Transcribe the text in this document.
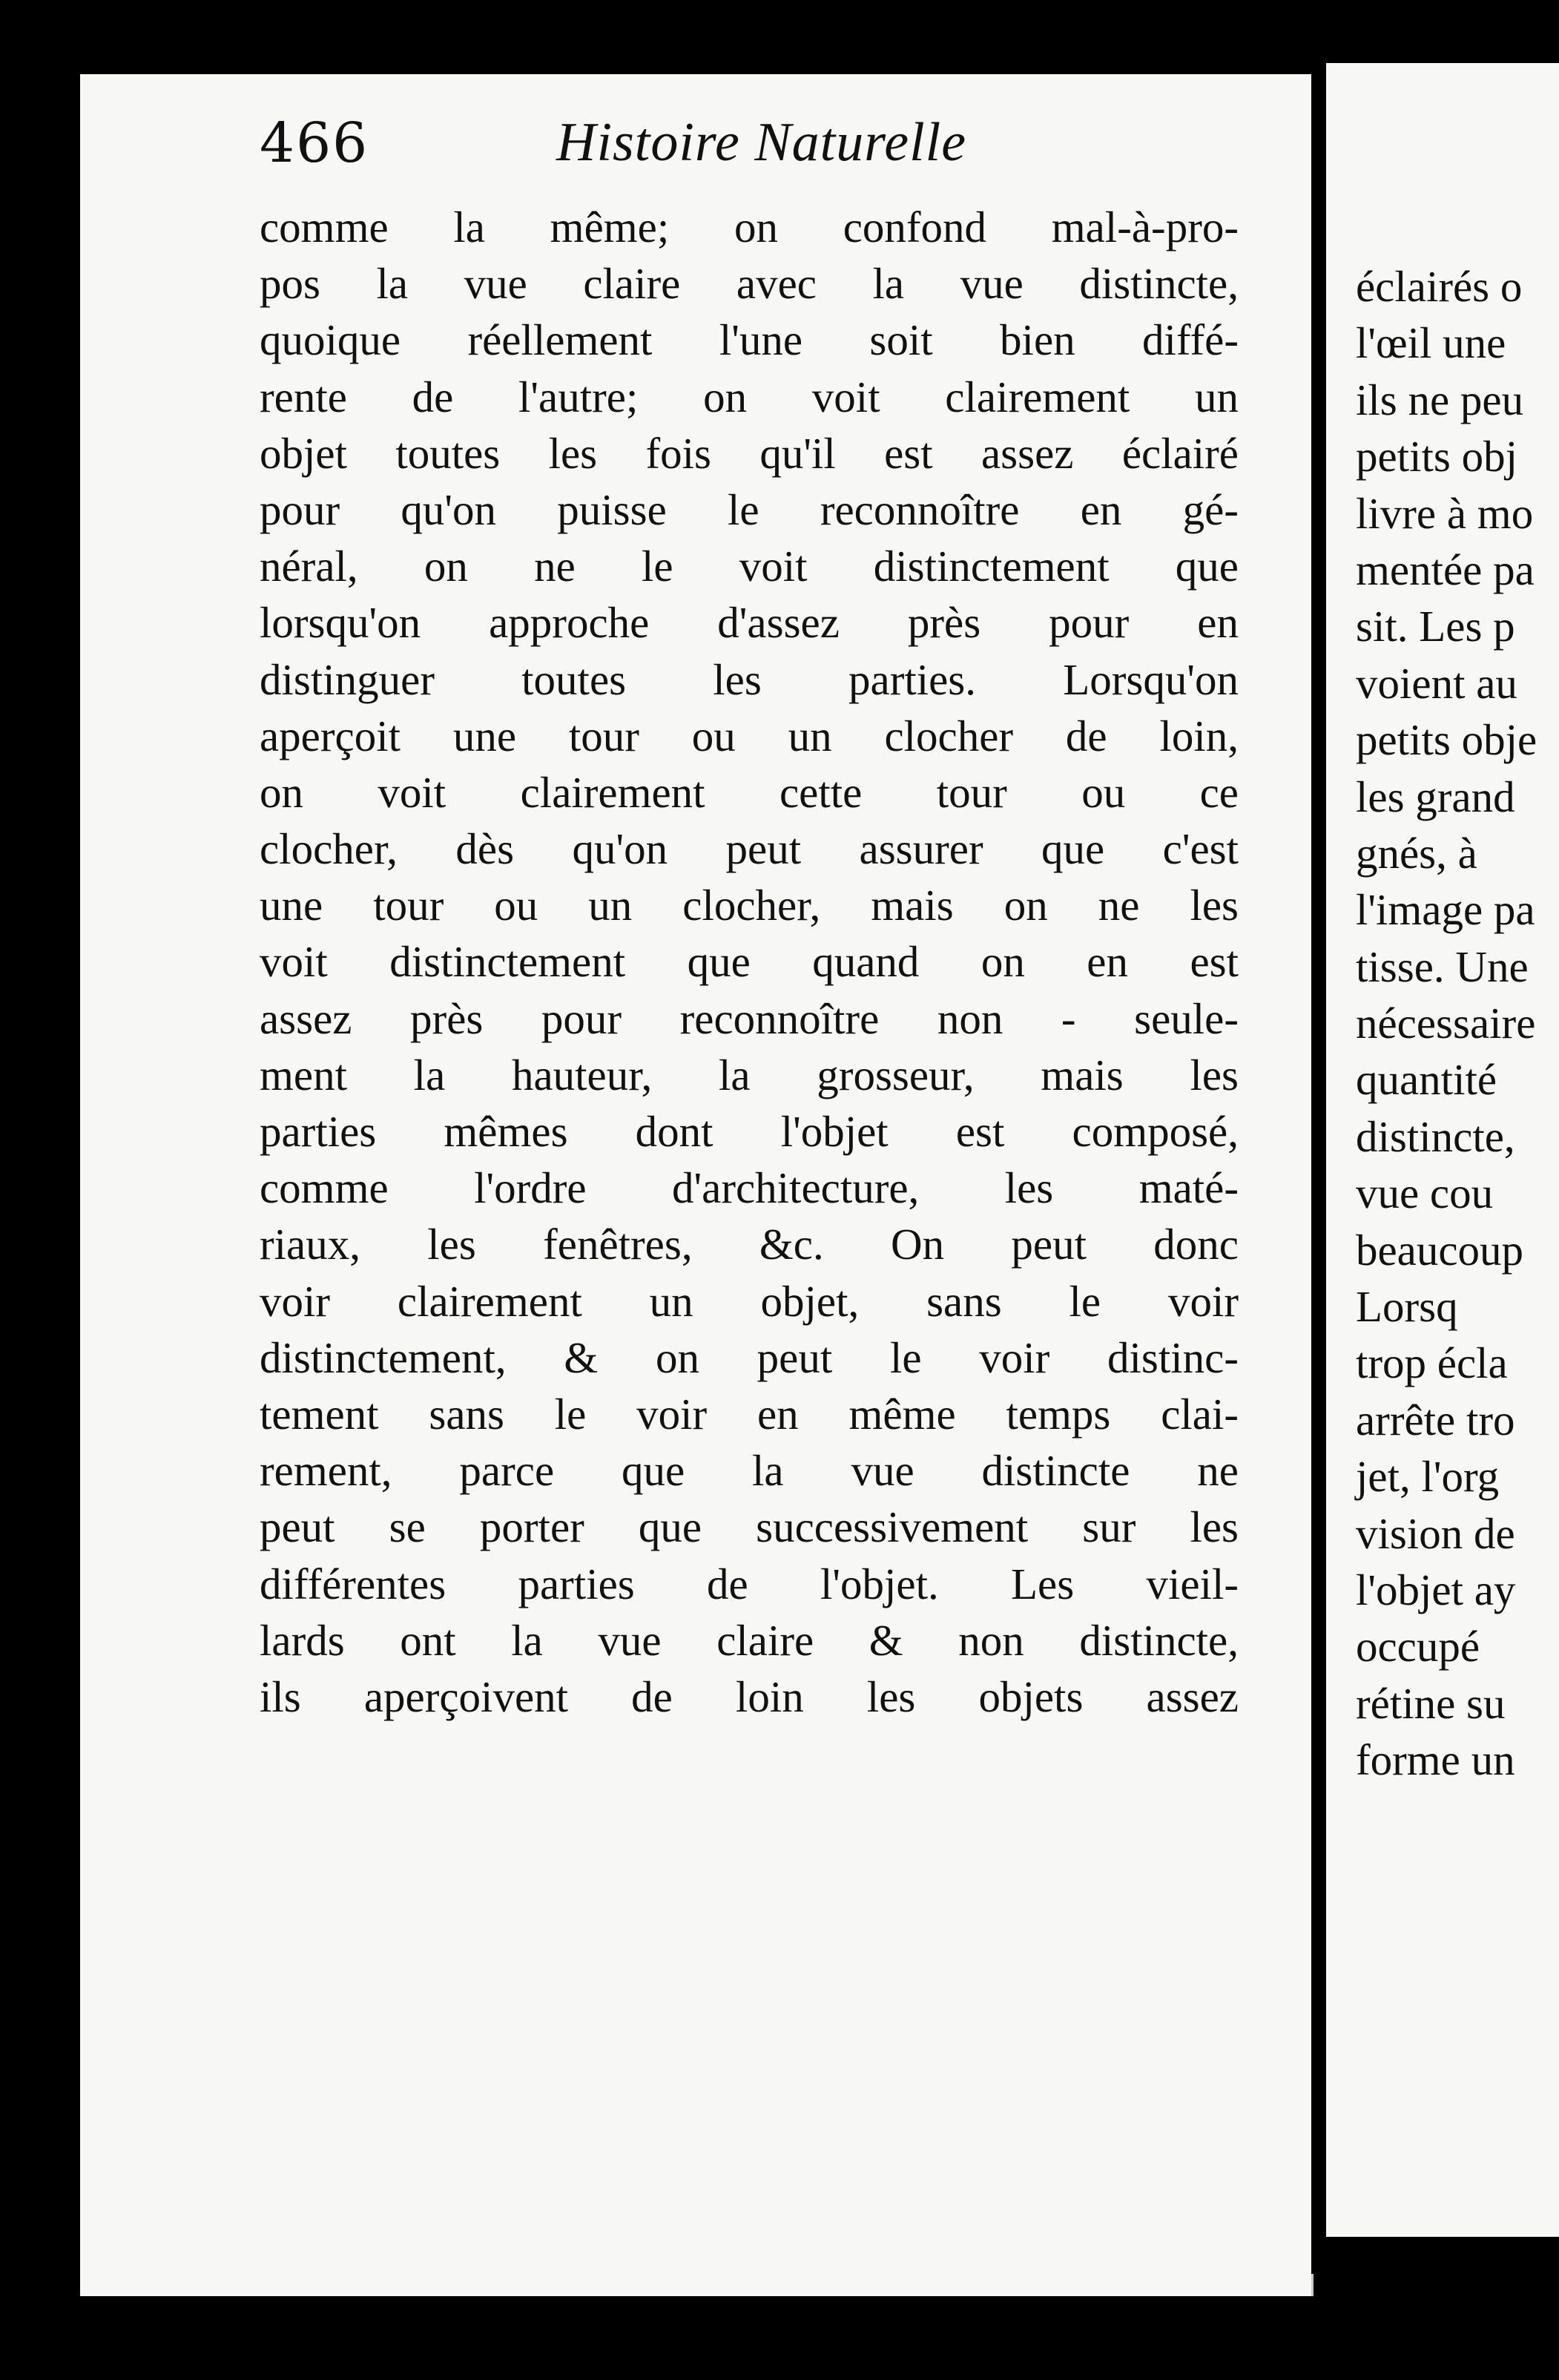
éclairés o
l'œil une
ils ne peu
petits obj
livre à mo
mentée pa
sit. Les p
voient au
petits obje
les grand
gnés, à
l'image pa
tisse. Une
nécessaire
quantité
distincte,
vue cou
beaucoup
Lorsq
trop écla
arrête tro
jet, l'org
vision de
l'objet ay
occupé
rétine su
forme un
466	Histoire Naturelle
comme la même; on confond mal-à-pro-
pos la vue claire avec la vue distincte,
quoique réellement l'une soit bien diffé-
rente de l'autre; on voit clairement un
objet toutes les fois qu'il est assez éclairé
pour qu'on puisse le reconnoître en gé-
néral, on ne le voit distinctement que
lorsqu'on approche d'assez près pour en
distinguer toutes les parties. Lorsqu'on
aperçoit une tour ou un clocher de loin,
on voit clairement cette tour ou ce
clocher, dès qu'on peut assurer que c'est
une tour ou un clocher, mais on ne les
voit distinctement que quand on en est
assez près pour reconnoître non - seule-
ment la hauteur, la grosseur, mais les
parties mêmes dont l'objet est composé,
comme l'ordre d'architecture, les maté-
riaux, les fenêtres, &c. On peut donc
voir clairement un objet, sans le voir
distinctement, & on peut le voir distinc-
tement sans le voir en même temps clai-
rement, parce que la vue distincte ne
peut se porter que successivement sur les
différentes parties de l'objet. Les vieil-
lards ont la vue claire & non distincte,
ils aperçoivent de loin les objets assez
